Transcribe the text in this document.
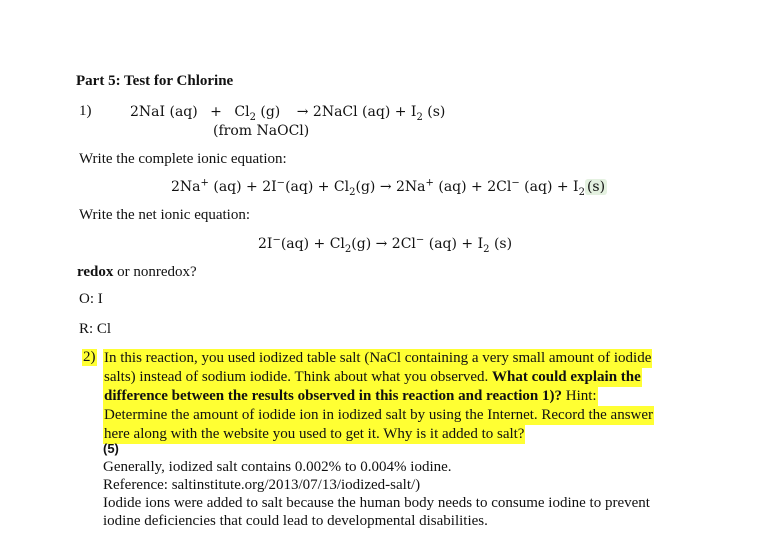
Part 5: Test for Chlorine
1)	2NaI $(aq) + Cl_2$ (g) → 2NaCl $(aq) + I_2$ (s)
(from NaOCl)
Write the complete ionic equation:
2Na+ $(aq) + 2I^-(aq) + Cl_2(g) \to 2Na^+$ (aq) + 2Cl− $(aq) + I_2$ (s)
Write the net ionic equation:
$2I^-(aq) + Cl_2(g) \to 2Cl^-$ $(aq) + I_2$ (s)
redox or nonredox?
O: I
R: Cl
2) In this reaction, you used iodized table salt (NaCl containing a very small amount of iodide
salts) instead of sodium iodide. Think about what you observed. What could explain the
difference between the results observed in this reaction and reaction 1)? Hint:
Determine the amount of iodide ion in iodized salt by using the Internet. Record the answer
here along with the website you used to get it. Why is it added to salt?
(5)
Generally, iodized salt contains 0.002% to 0.004% iodine.
Reference: saltinstitute.org/2013/07/13/iodized-salt/)
Iodide ions were added to salt because the human body needs to consume iodine to prevent
iodine deficiencies that could lead to developmental disabilities.
